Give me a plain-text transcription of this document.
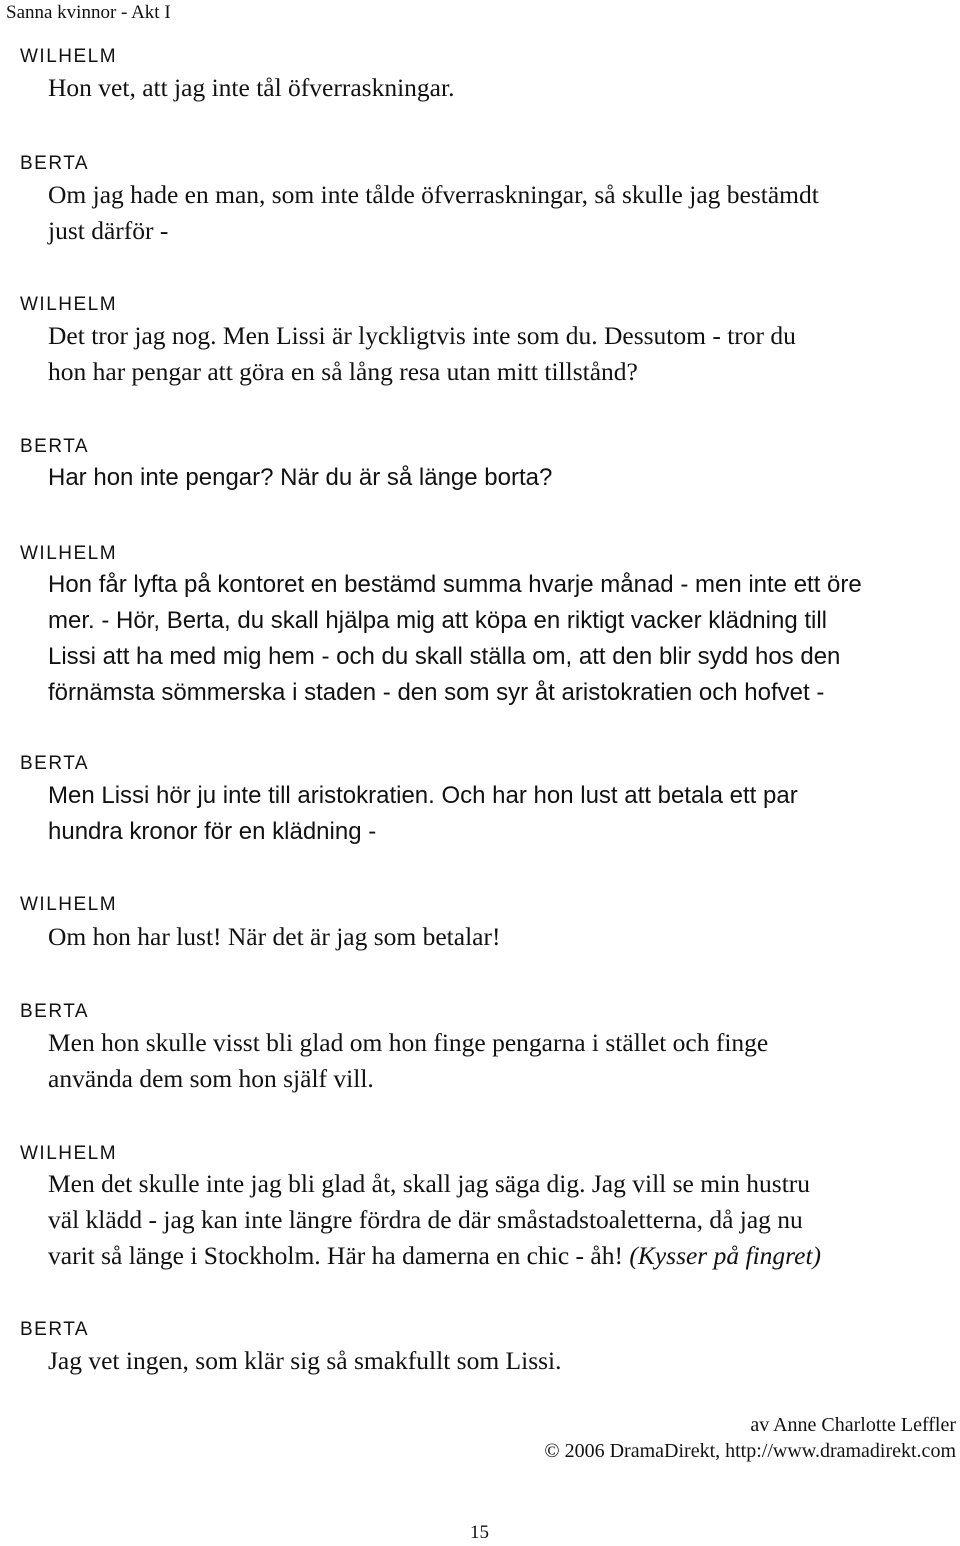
Sanna kvinnor - Akt I
WILHELM
Hon vet, att jag inte tål öfverraskningar.
BERTA
Om jag hade en man, som inte tålde öfverraskningar, så skulle jag bestämdt
just därför -
WILHELM
Det tror jag nog. Men Lissi är lyckligtvis inte som du. Dessutom - tror du
hon har pengar att göra en så lång resa utan mitt tillstånd?
BERTA
Har hon inte pengar? När du är så länge borta?
WILHELM
Hon får lyfta på kontoret en bestämd summa hvarje månad - men inte ett öre
mer. - Hör, Berta, du skall hjälpa mig att köpa en riktigt vacker klädning till
Lissi att ha med mig hem - och du skall ställa om, att den blir sydd hos den
förnämsta sömmerska i staden - den som syr åt aristokratien och hofvet -
BERTA
Men Lissi hör ju inte till aristokratien. Och har hon lust att betala ett par
hundra kronor för en klädning -
WILHELM
Om hon har lust! När det är jag som betalar!
BERTA
Men hon skulle visst bli glad om hon finge pengarna i stället och finge
använda dem som hon själf vill.
WILHELM
Men det skulle inte jag bli glad åt, skall jag säga dig. Jag vill se min hustru
väl klädd - jag kan inte längre fördra de där småstadstoaletterna, då jag nu
varit så länge i Stockholm. Här ha damerna en chic - åh! (Kysser på fingret)
BERTA
Jag vet ingen, som klär sig så smakfullt som Lissi.
av Anne Charlotte Leffler
© 2006 DramaDirekt, http://www.dramadirekt.com
15
